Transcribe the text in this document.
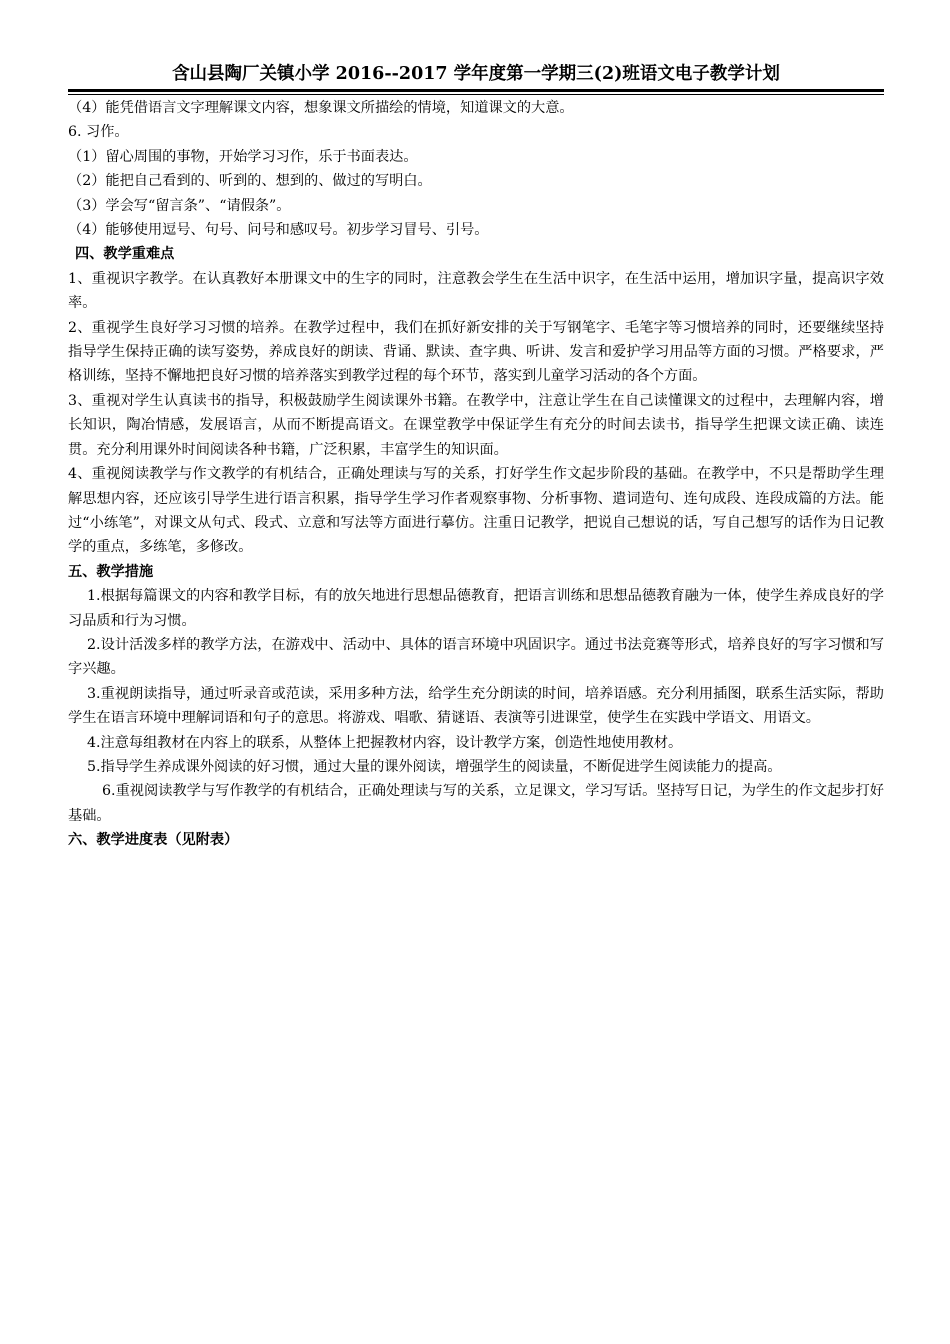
含山县陶厂关镇小学 2016--2017 学年度第一学期三(2)班语文电子教学计划

（4）能凭借语言文字理解课文内容，想象课文所描绘的情境，知道课文的大意。

6. 习作。

（1）留心周围的事物，开始学习习作，乐于书面表达。

（2）能把自己看到的、听到的、想到的、做过的写明白。

（3）学会写“留言条”、“请假条”。

（4）能够使用逗号、句号、问号和感叹号。初步学习冒号、引号。

四、教学重难点

1、重视识字教学。在认真教好本册课文中的生字的同时，注意教会学生在生活中识字，在生活中运用，增加识字量，提高识字效率。

2、重视学生良好学习习惯的培养。在教学过程中，我们在抓好新安排的关于写钢笔字、毛笔字等习惯培养的同时，还要继续坚持指导学生保持正确的读写姿势，养成良好的朗读、背诵、默读、查字典、听讲、发言和爱护学习用品等方面的习惯。严格要求，严格训练，坚持不懈地把良好习惯的培养落实到教学过程的每个环节，落实到儿童学习活动的各个方面。

3、重视对学生认真读书的指导，积极鼓励学生阅读课外书籍。在教学中，注意让学生在自己读懂课文的过程中，去理解内容，增长知识，陶冶情感，发展语言，从而不断提高语文。在课堂教学中保证学生有充分的时间去读书，指导学生把课文读正确、读连贯。充分利用课外时间阅读各种书籍，广泛积累，丰富学生的知识面。

4、重视阅读教学与作文教学的有机结合，正确处理读与写的关系，打好学生作文起步阶段的基础。在教学中，不只是帮助学生理解思想内容，还应该引导学生进行语言积累，指导学生学习作者观察事物、分析事物、遣词造句、连句成段、连段成篇的方法。能过“小练笔”，对课文从句式、段式、立意和写法等方面进行摹仿。注重日记教学，把说自己想说的话，写自己想写的话作为日记教学的重点，多练笔，多修改。

五、教学措施

1.根据每篇课文的内容和教学目标，有的放矢地进行思想品德教育，把语言训练和思想品德教育融为一体，使学生养成良好的学习品质和行为习惯。

2.设计活泼多样的教学方法，在游戏中、活动中、具体的语言环境中巩固识字。通过书法竞赛等形式，培养良好的写字习惯和写字兴趣。

3.重视朗读指导，通过听录音或范读，采用多种方法，给学生充分朗读的时间，培养语感。充分利用插图，联系生活实际，帮助学生在语言环境中理解词语和句子的意思。将游戏、唱歌、猜谜语、表演等引进课堂，使学生在实践中学语文、用语文。

4.注意每组教材在内容上的联系，从整体上把握教材内容，设计教学方案，创造性地使用教材。

5.指导学生养成课外阅读的好习惯，通过大量的课外阅读，增强学生的阅读量，不断促进学生阅读能力的提高。

6.重视阅读教学与写作教学的有机结合，正确处理读与写的关系，立足课文，学习写话。坚持写日记，为学生的作文起步打好基础。

六、教学进度表（见附表）
